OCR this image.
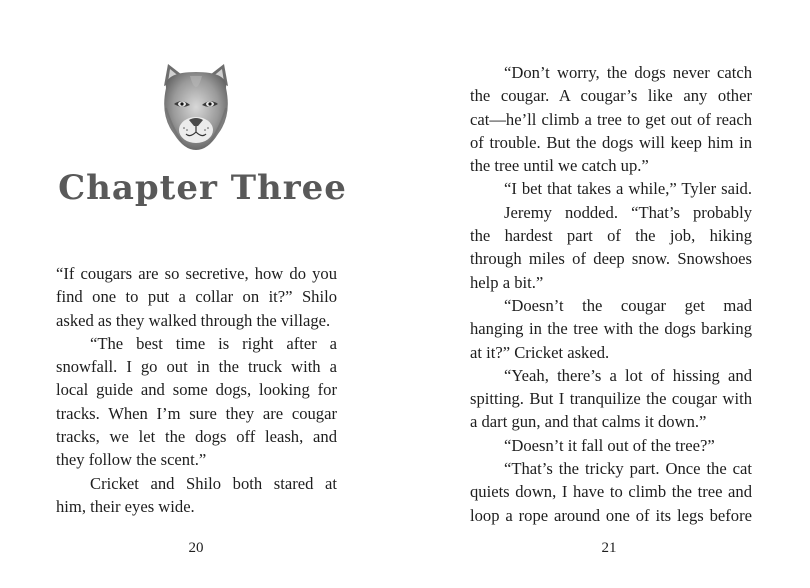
Chapter Three
“If cougars are so secretive, how do you
find one to put a collar on it?” Shilo
asked as they walked through the village.
“The best time is right after a
snowfall. I go out in the truck with a
local guide and some dogs, looking for
tracks. When I’m sure they are cougar
tracks, we let the dogs off leash, and
they follow the scent.”
Cricket and Shilo both stared at
him, their eyes wide.
20
“Don’t worry, the dogs never catch
the cougar. A cougar’s like any other
cat—he’ll climb a tree to get out of reach
of trouble. But the dogs will keep him in
the tree until we catch up.”
“I bet that takes a while,” Tyler said.
Jeremy nodded. “That’s probably
the hardest part of the job, hiking
through miles of deep snow. Snowshoes
help a bit.”
“Doesn’t the cougar get mad
hanging in the tree with the dogs barking
at it?” Cricket asked.
“Yeah, there’s a lot of hissing and
spitting. But I tranquilize the cougar with
a dart gun, and that calms it down.”
“Doesn’t it fall out of the tree?”
“That’s the tricky part. Once the cat
quiets down, I have to climb the tree and
loop a rope around one of its legs before
21
